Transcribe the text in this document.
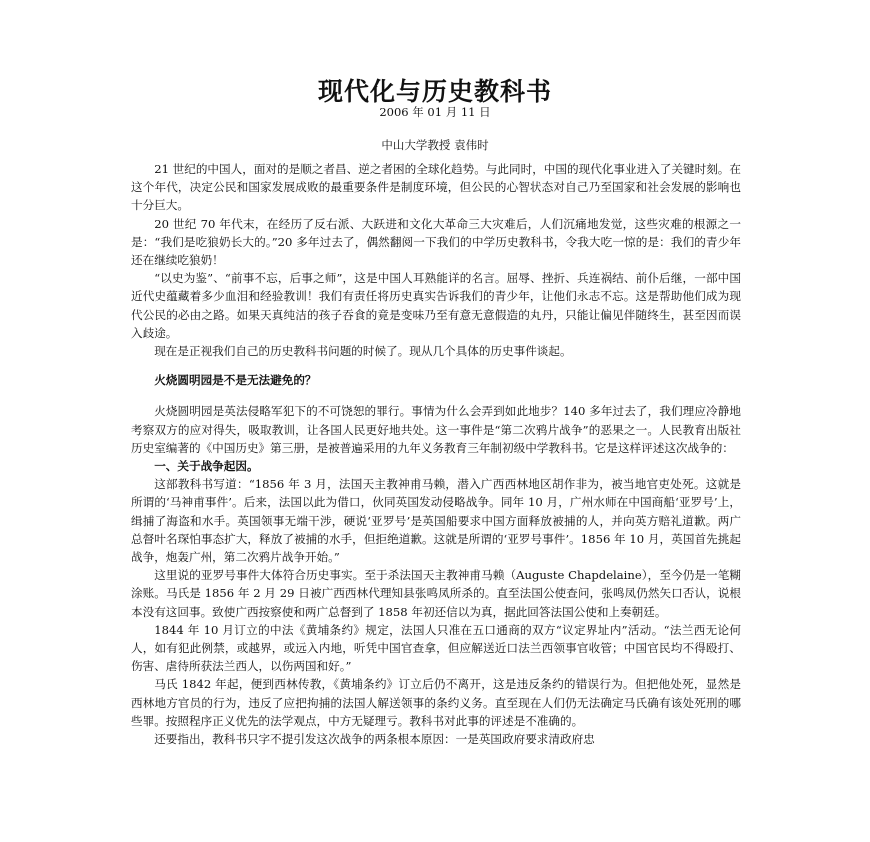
现代化与历史教科书
2006 年 01 月 11 日
中山大学教授 袁伟时

21 世纪的中国人，面对的是顺之者昌、逆之者困的全球化趋势。与此同时，中国的现代化事业进入了关键时刻。在这个年代，决定公民和国家发展成败的最重要条件是制度环境，但公民的心智状态对自己乃至国家和社会发展的影响也十分巨大。

20 世纪 70 年代末，在经历了反右派、大跃进和文化大革命三大灾难后，人们沉痛地发觉，这些灾难的根源之一是：“我们是吃狼奶长大的。”20 多年过去了，偶然翻阅一下我们的中学历史教科书，令我大吃一惊的是：我们的青少年还在继续吃狼奶！

“以史为鉴”、“前事不忘，后事之师”，这是中国人耳熟能详的名言。屈辱、挫折、兵连祸结、前仆后继，一部中国近代史蕴藏着多少血泪和经验教训！我们有责任将历史真实告诉我们的青少年，让他们永志不忘。这是帮助他们成为现代公民的必由之路。如果天真纯洁的孩子吞食的竟是变味乃至有意无意假造的丸丹，只能让偏见伴随终生，甚至因而误入歧途。

现在是正视我们自己的历史教科书问题的时候了。现从几个具体的历史事件谈起。

火烧圆明园是不是无法避免的？

火烧圆明园是英法侵略军犯下的不可饶恕的罪行。事情为什么会弄到如此地步？140 多年过去了，我们理应冷静地考察双方的应对得失，吸取教训，让各国人民更好地共处。这一事件是“第二次鸦片战争”的恶果之一。人民教育出版社历史室编著的《中国历史》第三册，是被普遍采用的九年义务教育三年制初级中学教科书。它是这样评述这次战争的：

一、关于战争起因。

这部教科书写道：“1856 年 3 月，法国天主教神甫马赖，潜入广西西林地区胡作非为，被当地官吏处死。这就是所谓的‘马神甫事件’。后来，法国以此为借口，伙同英国发动侵略战争。同年 10 月，广州水师在中国商船‘亚罗号’上，缉捕了海盗和水手。英国领事无端干涉，硬说‘亚罗号’是英国船要求中国方面释放被捕的人，并向英方赔礼道歉。两广总督叶名琛怕事态扩大，释放了被捕的水手，但拒绝道歉。这就是所谓的‘亚罗号事件’。1856 年 10 月，英国首先挑起战争，炮轰广州，第二次鸦片战争开始。”

这里说的亚罗号事件大体符合历史事实。至于杀法国天主教神甫马赖（Auguste Chapdelaine），至今仍是一笔糊涂账。马氏是 1856 年 2 月 29 日被广西西林代理知县张鸣凤所杀的。直至法国公使查问，张鸣凤仍然矢口否认，说根本没有这回事。致使广西按察使和两广总督到了 1858 年初还信以为真，据此回答法国公使和上奏朝廷。

1844 年 10 月订立的中法《黄埔条约》规定，法国人只准在五口通商的双方“议定界址内”活动。“法兰西无论何人，如有犯此例禁，或越界，或远入内地，听凭中国官查拿，但应解送近口法兰西领事官收管；中国官民均不得殴打、伤害、虐待所获法兰西人，以伤两国和好。”

马氏 1842 年起，便到西林传教，《黄埔条约》订立后仍不离开，这是违反条约的错误行为。但把他处死，显然是西林地方官员的行为，违反了应把拘捕的法国人解送领事的条约义务。直至现在人们仍无法确定马氏确有该处死刑的哪些罪。按照程序正义优先的法学观点，中方无疑理亏。教科书对此事的评述是不准确的。

还要指出，教科书只字不提引发这次战争的两条根本原因：一是英国政府要求清政府忠
